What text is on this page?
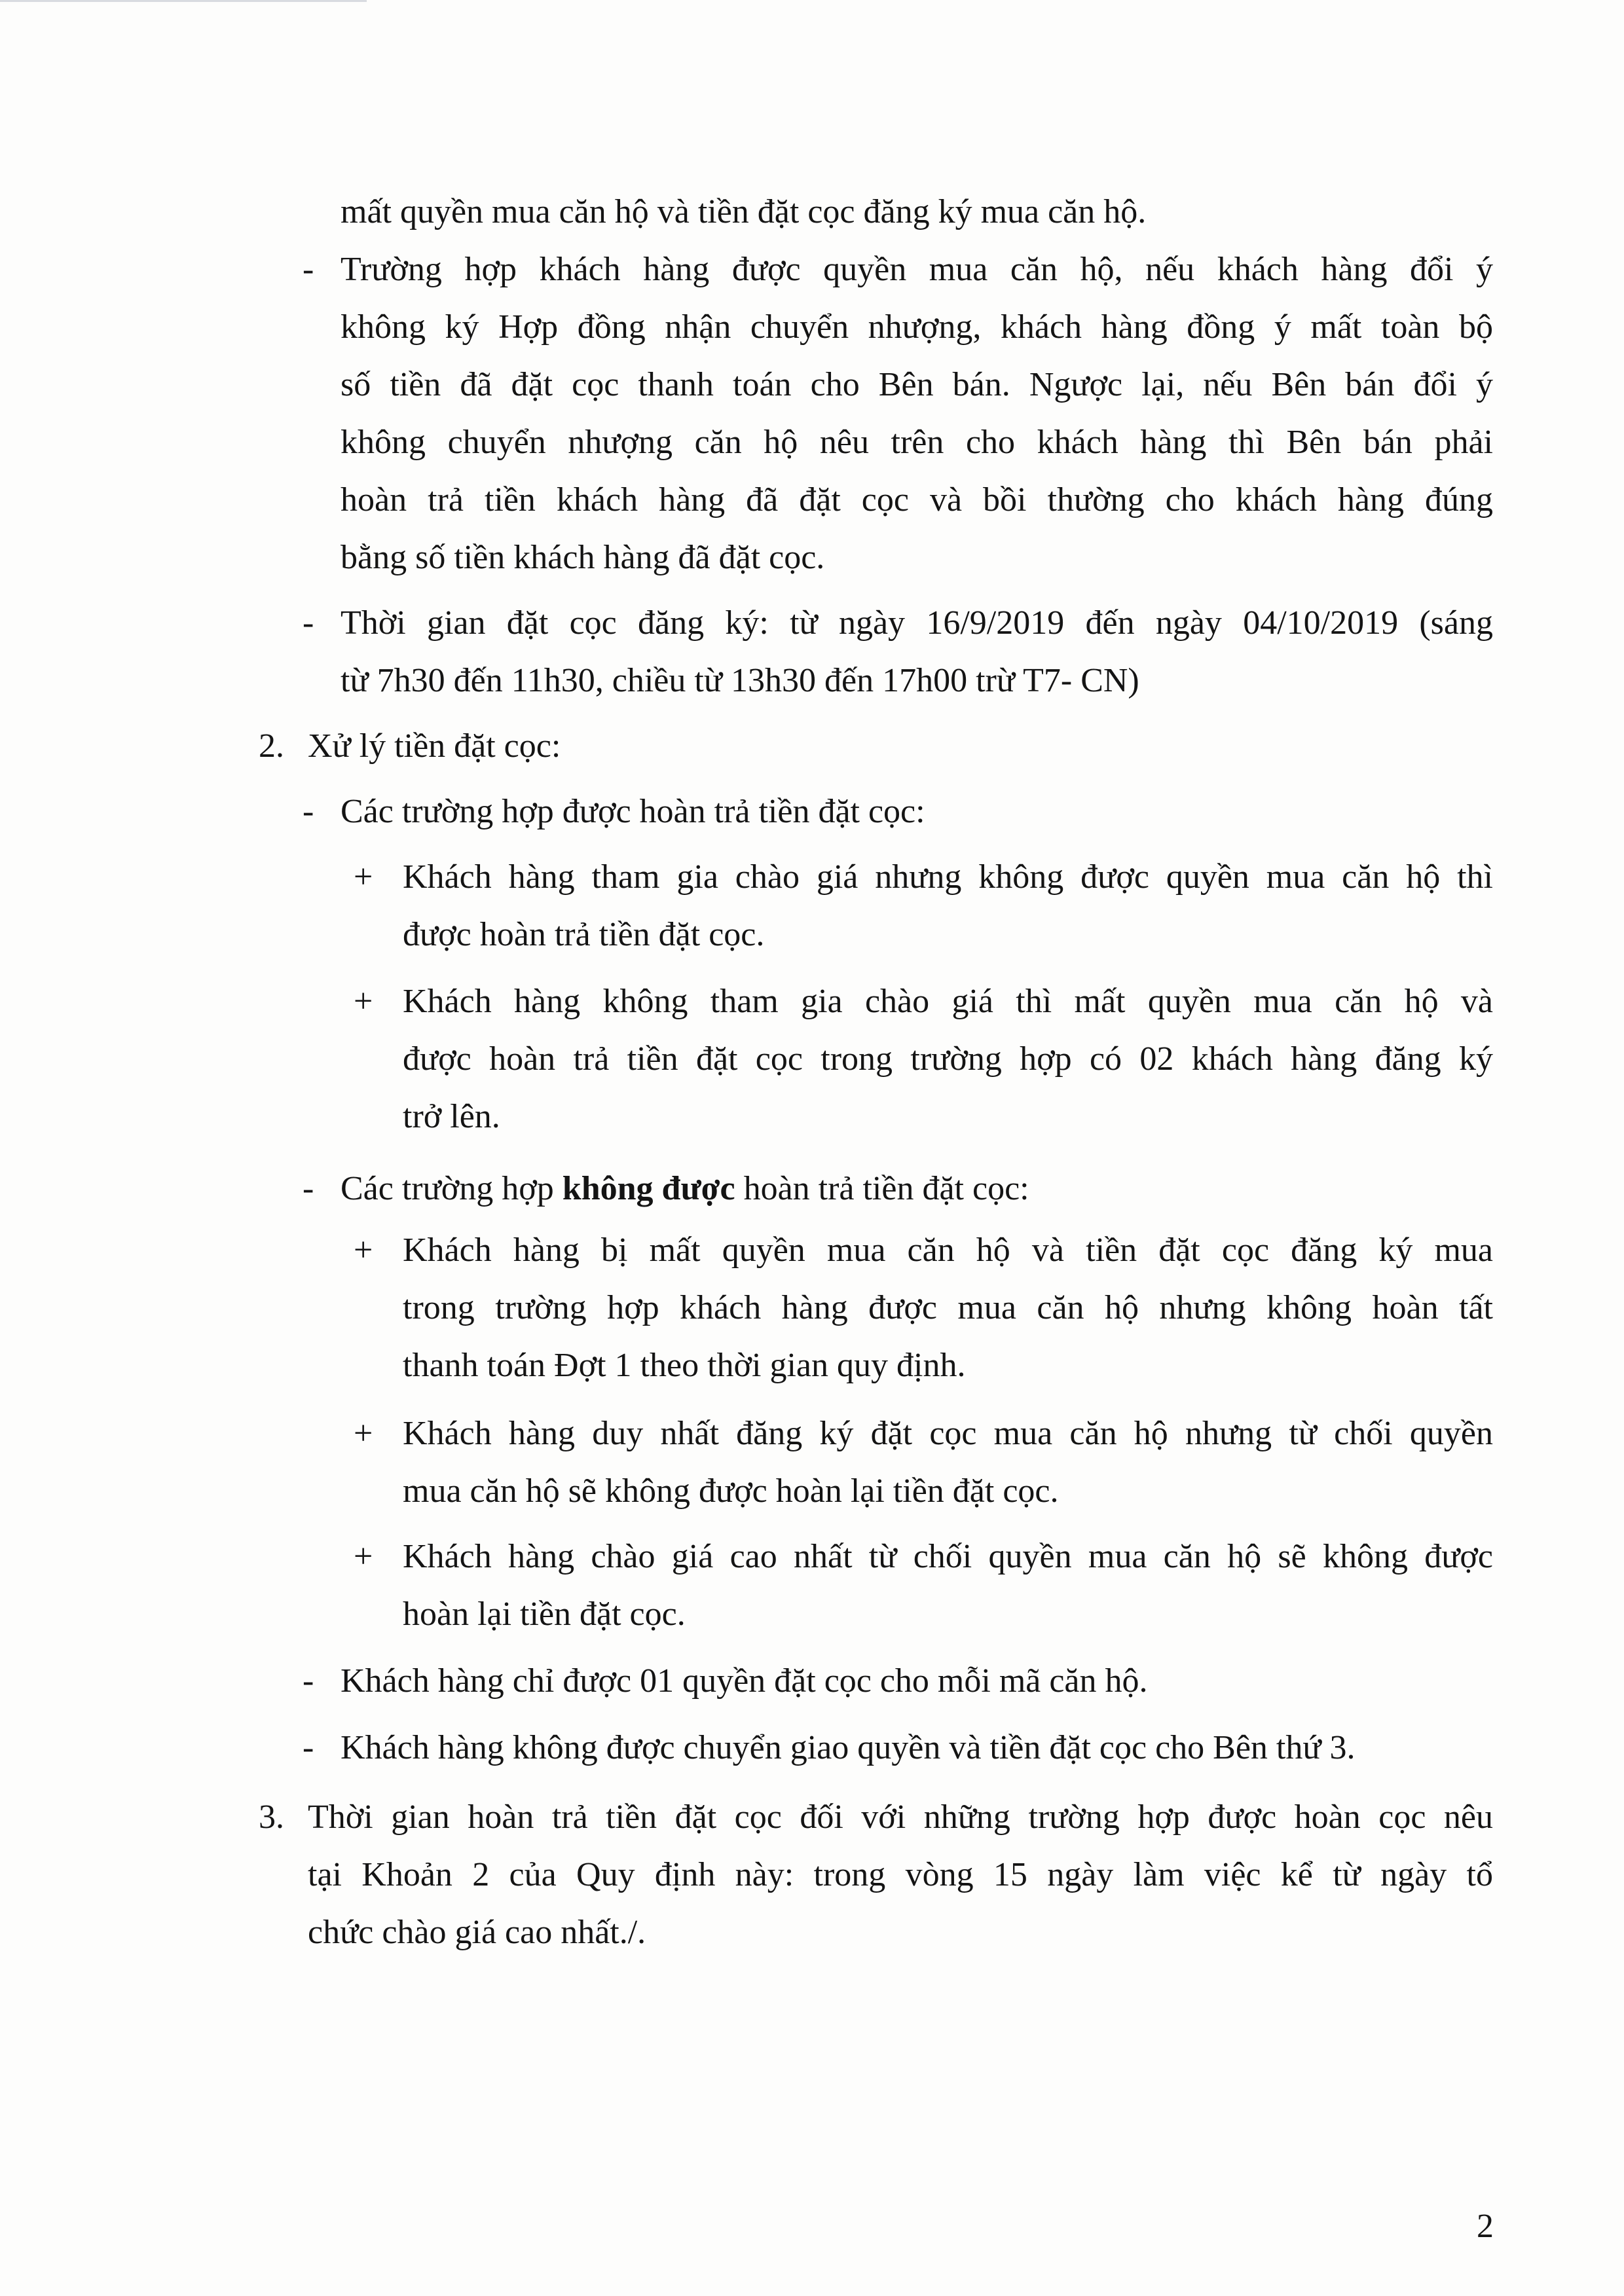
mất quyền mua căn hộ và tiền đặt cọc đăng ký mua căn hộ.
- Trường hợp khách hàng được quyền mua căn hộ, nếu khách hàng đổi ý
không ký Hợp đồng nhận chuyển nhượng, khách hàng đồng ý mất toàn bộ
số tiền đã đặt cọc thanh toán cho Bên bán. Ngược lại, nếu Bên bán đổi ý
không chuyển nhượng căn hộ nêu trên cho khách hàng thì Bên bán phải
hoàn trả tiền khách hàng đã đặt cọc và bồi thường cho khách hàng đúng
bằng số tiền khách hàng đã đặt cọc.
- Thời gian đặt cọc đăng ký: từ ngày 16/9/2019 đến ngày 04/10/2019 (sáng
từ 7h30 đến 11h30, chiều từ 13h30 đến 17h00 trừ T7- CN)
2. Xử lý tiền đặt cọc:
- Các trường hợp được hoàn trả tiền đặt cọc:
+ Khách hàng tham gia chào giá nhưng không được quyền mua căn hộ thì
được hoàn trả tiền đặt cọc.
+ Khách hàng không tham gia chào giá thì mất quyền mua căn hộ và
được hoàn trả tiền đặt cọc trong trường hợp có 02 khách hàng đăng ký
trở lên.
- Các trường hợp không được hoàn trả tiền đặt cọc:
+ Khách hàng bị mất quyền mua căn hộ và tiền đặt cọc đăng ký mua
trong trường hợp khách hàng được mua căn hộ nhưng không hoàn tất
thanh toán Đợt 1 theo thời gian quy định.
+ Khách hàng duy nhất đăng ký đặt cọc mua căn hộ nhưng từ chối quyền
mua căn hộ sẽ không được hoàn lại tiền đặt cọc.
+ Khách hàng chào giá cao nhất từ chối quyền mua căn hộ sẽ không được
hoàn lại tiền đặt cọc.
- Khách hàng chỉ được 01 quyền đặt cọc cho mỗi mã căn hộ.
- Khách hàng không được chuyển giao quyền và tiền đặt cọc cho Bên thứ 3.
3. Thời gian hoàn trả tiền đặt cọc đối với những trường hợp được hoàn cọc nêu
tại Khoản 2 của Quy định này: trong vòng 15 ngày làm việc kể từ ngày tổ
chức chào giá cao nhất./.
2
